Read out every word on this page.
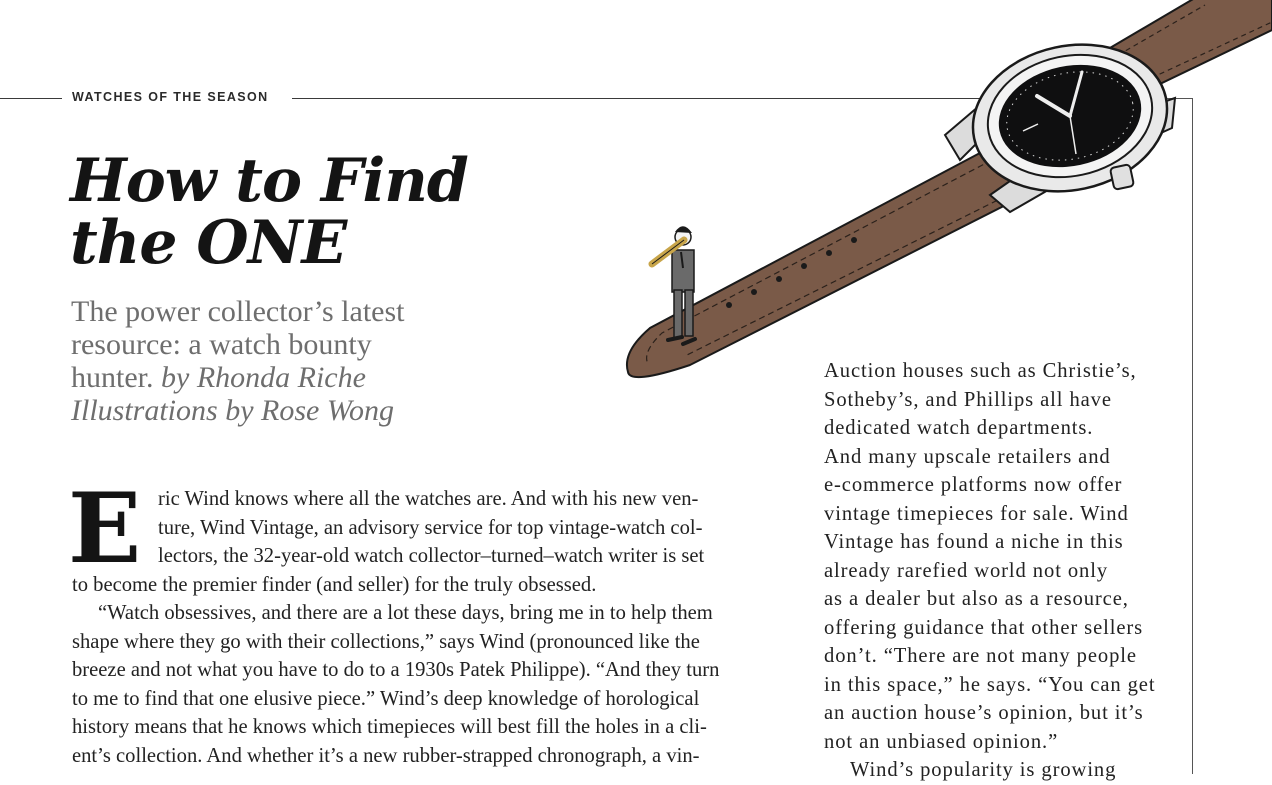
WATCHES OF THE SEASON
How to Find
the ONE
The power collector’s latest
resource: a watch bounty
hunter. by Rhonda Riche
Illustrations by Rose Wong
E ric Wind knows where all the watches are. And with his new ven-
ture, Wind Vintage, an advisory service for top vintage-watch col-
lectors, the 32-year-old watch collector–turned–watch writer is set
to become the premier finder (and seller) for the truly obsessed.

“Watch obsessives, and there are a lot these days, bring me in to help them
shape where they go with their collections,” says Wind (pronounced like the
breeze and not what you have to do to a 1930s Patek Philippe). “And they turn
to me to find that one elusive piece.” Wind’s deep knowledge of horological
history means that he knows which timepieces will best fill the holes in a cli-
ent’s collection. And whether it’s a new rubber-strapped chronograph, a vin-

Auction houses such as Christie’s,
Sotheby’s, and Phillips all have
dedicated watch departments.
And many upscale retailers and
e-commerce platforms now offer
vintage timepieces for sale. Wind
Vintage has found a niche in this
already rarefied world not only
as a dealer but also as a resource,
offering guidance that other sellers
don’t. “There are not many people
in this space,” he says. “You can get
an auction house’s opinion, but it’s
not an unbiased opinion.”
Wind’s popularity is growing
